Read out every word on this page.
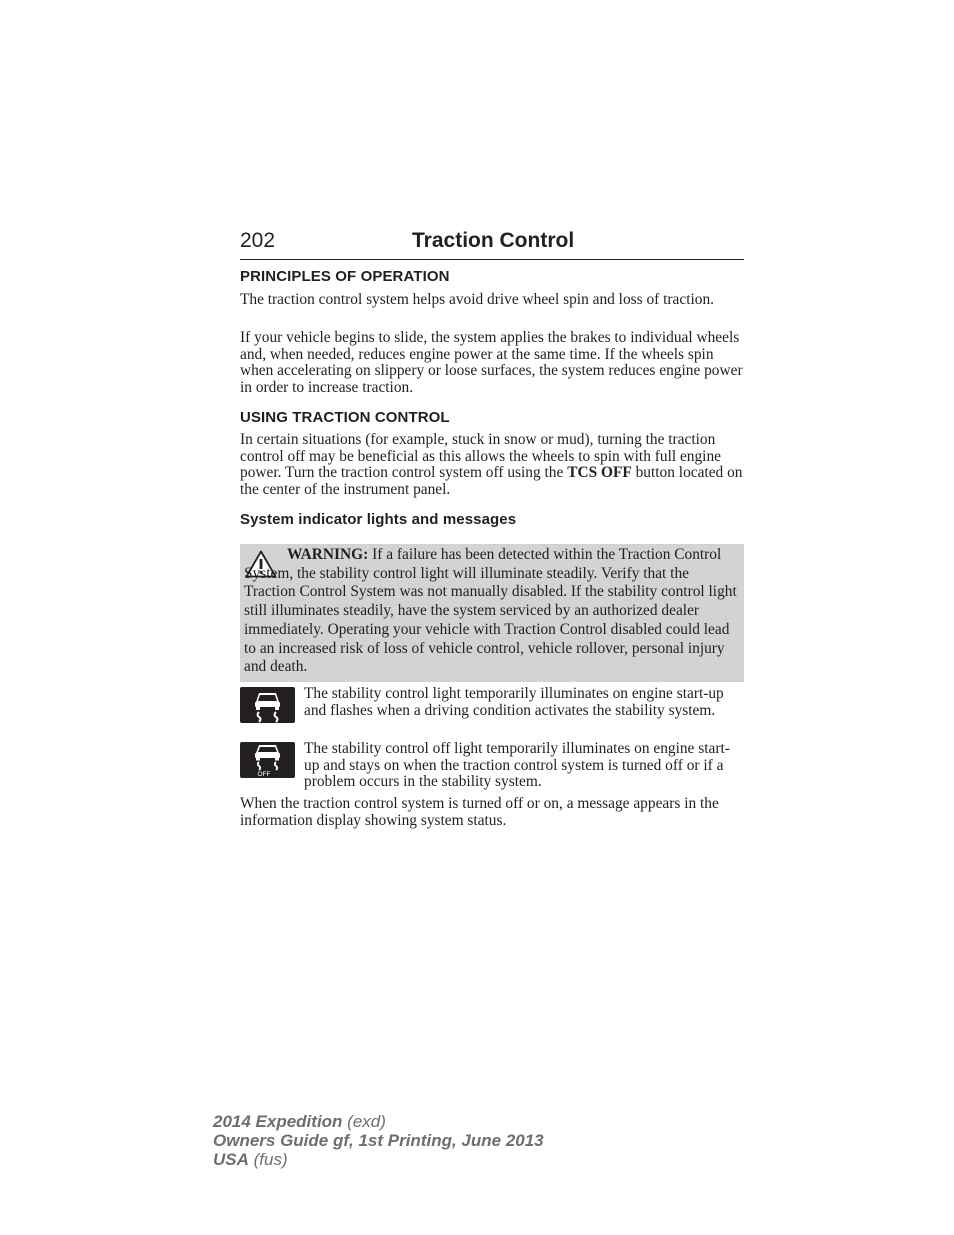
202	Traction Control
PRINCIPLES OF OPERATION

The traction control system helps avoid drive wheel spin and loss of traction.

If your vehicle begins to slide, the system applies the brakes to individual wheels and, when needed, reduces engine power at the same time. If the wheels spin when accelerating on slippery or loose surfaces, the system reduces engine power in order to increase traction.

USING TRACTION CONTROL

In certain situations (for example, stuck in snow or mud), turning the traction control off may be beneficial as this allows the wheels to spin with full engine power. Turn the traction control system off using the TCS OFF button located on the center of the instrument panel.

System indicator lights and messages

WARNING: If a failure has been detected within the Traction Control System, the stability control light will illuminate steadily. Verify that the Traction Control System was not manually disabled. If the stability control light still illuminates steadily, have the system serviced by an authorized dealer immediately. Operating your vehicle with Traction Control disabled could lead to an increased risk of loss of vehicle control, vehicle rollover, personal injury and death.

The stability control light temporarily illuminates on engine start-up and flashes when a driving condition activates the stability system.

OFF

The stability control off light temporarily illuminates on engine start-up and stays on when the traction control system is turned off or if a problem occurs in the stability system.

When the traction control system is turned off or on, a message appears in the information display showing system status.

2014 Expedition (exd)
Owners Guide gf, 1st Printing, June 2013
USA (fus)
